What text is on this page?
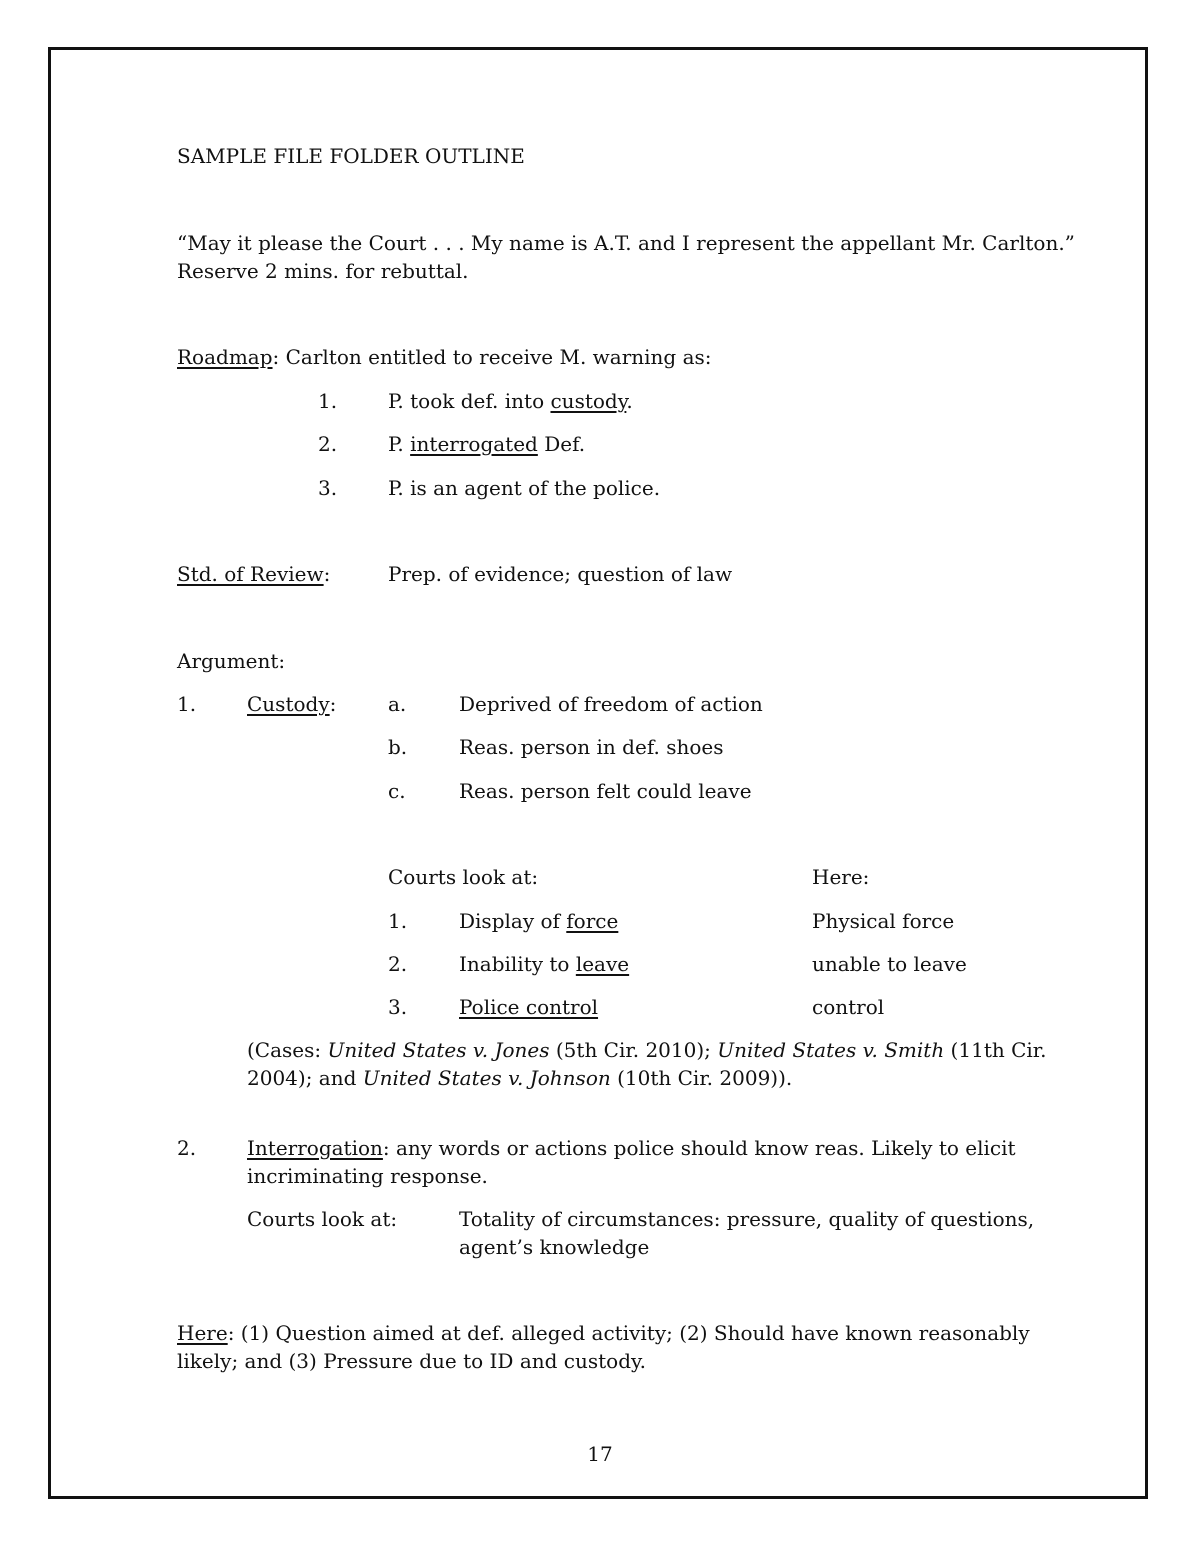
SAMPLE FILE FOLDER OUTLINE
“May it please the Court . . . My name is A.T. and I represent the appellant Mr. Carlton.”
Reserve 2 mins. for rebuttal.
Roadmap: Carlton entitled to receive M. warning as:
1.	P. took def. into custody.
2.	P. interrogated Def.
3.	P. is an agent of the police.
Std. of Review:	Prep. of evidence; question of law
Argument:
1.	Custody:	a.	Deprived of freedom of action
b.	Reas. person in def. shoes
c.	Reas. person felt could leave
Courts look at:	Here:
1.	Display of force	Physical force
2.	Inability to leave	unable to leave
3.	Police control	control
(Cases: United States v. Jones (5th Cir. 2010); United States v. Smith (11th Cir.
2004); and United States v. Johnson (10th Cir. 2009)).
2.	Interrogation: any words or actions police should know reas. Likely to elicit
incriminating response.
Courts look at:	Totality of circumstances: pressure, quality of questions,
agent’s knowledge
Here: (1) Question aimed at def. alleged activity; (2) Should have known reasonably
likely; and (3) Pressure due to ID and custody.
17
